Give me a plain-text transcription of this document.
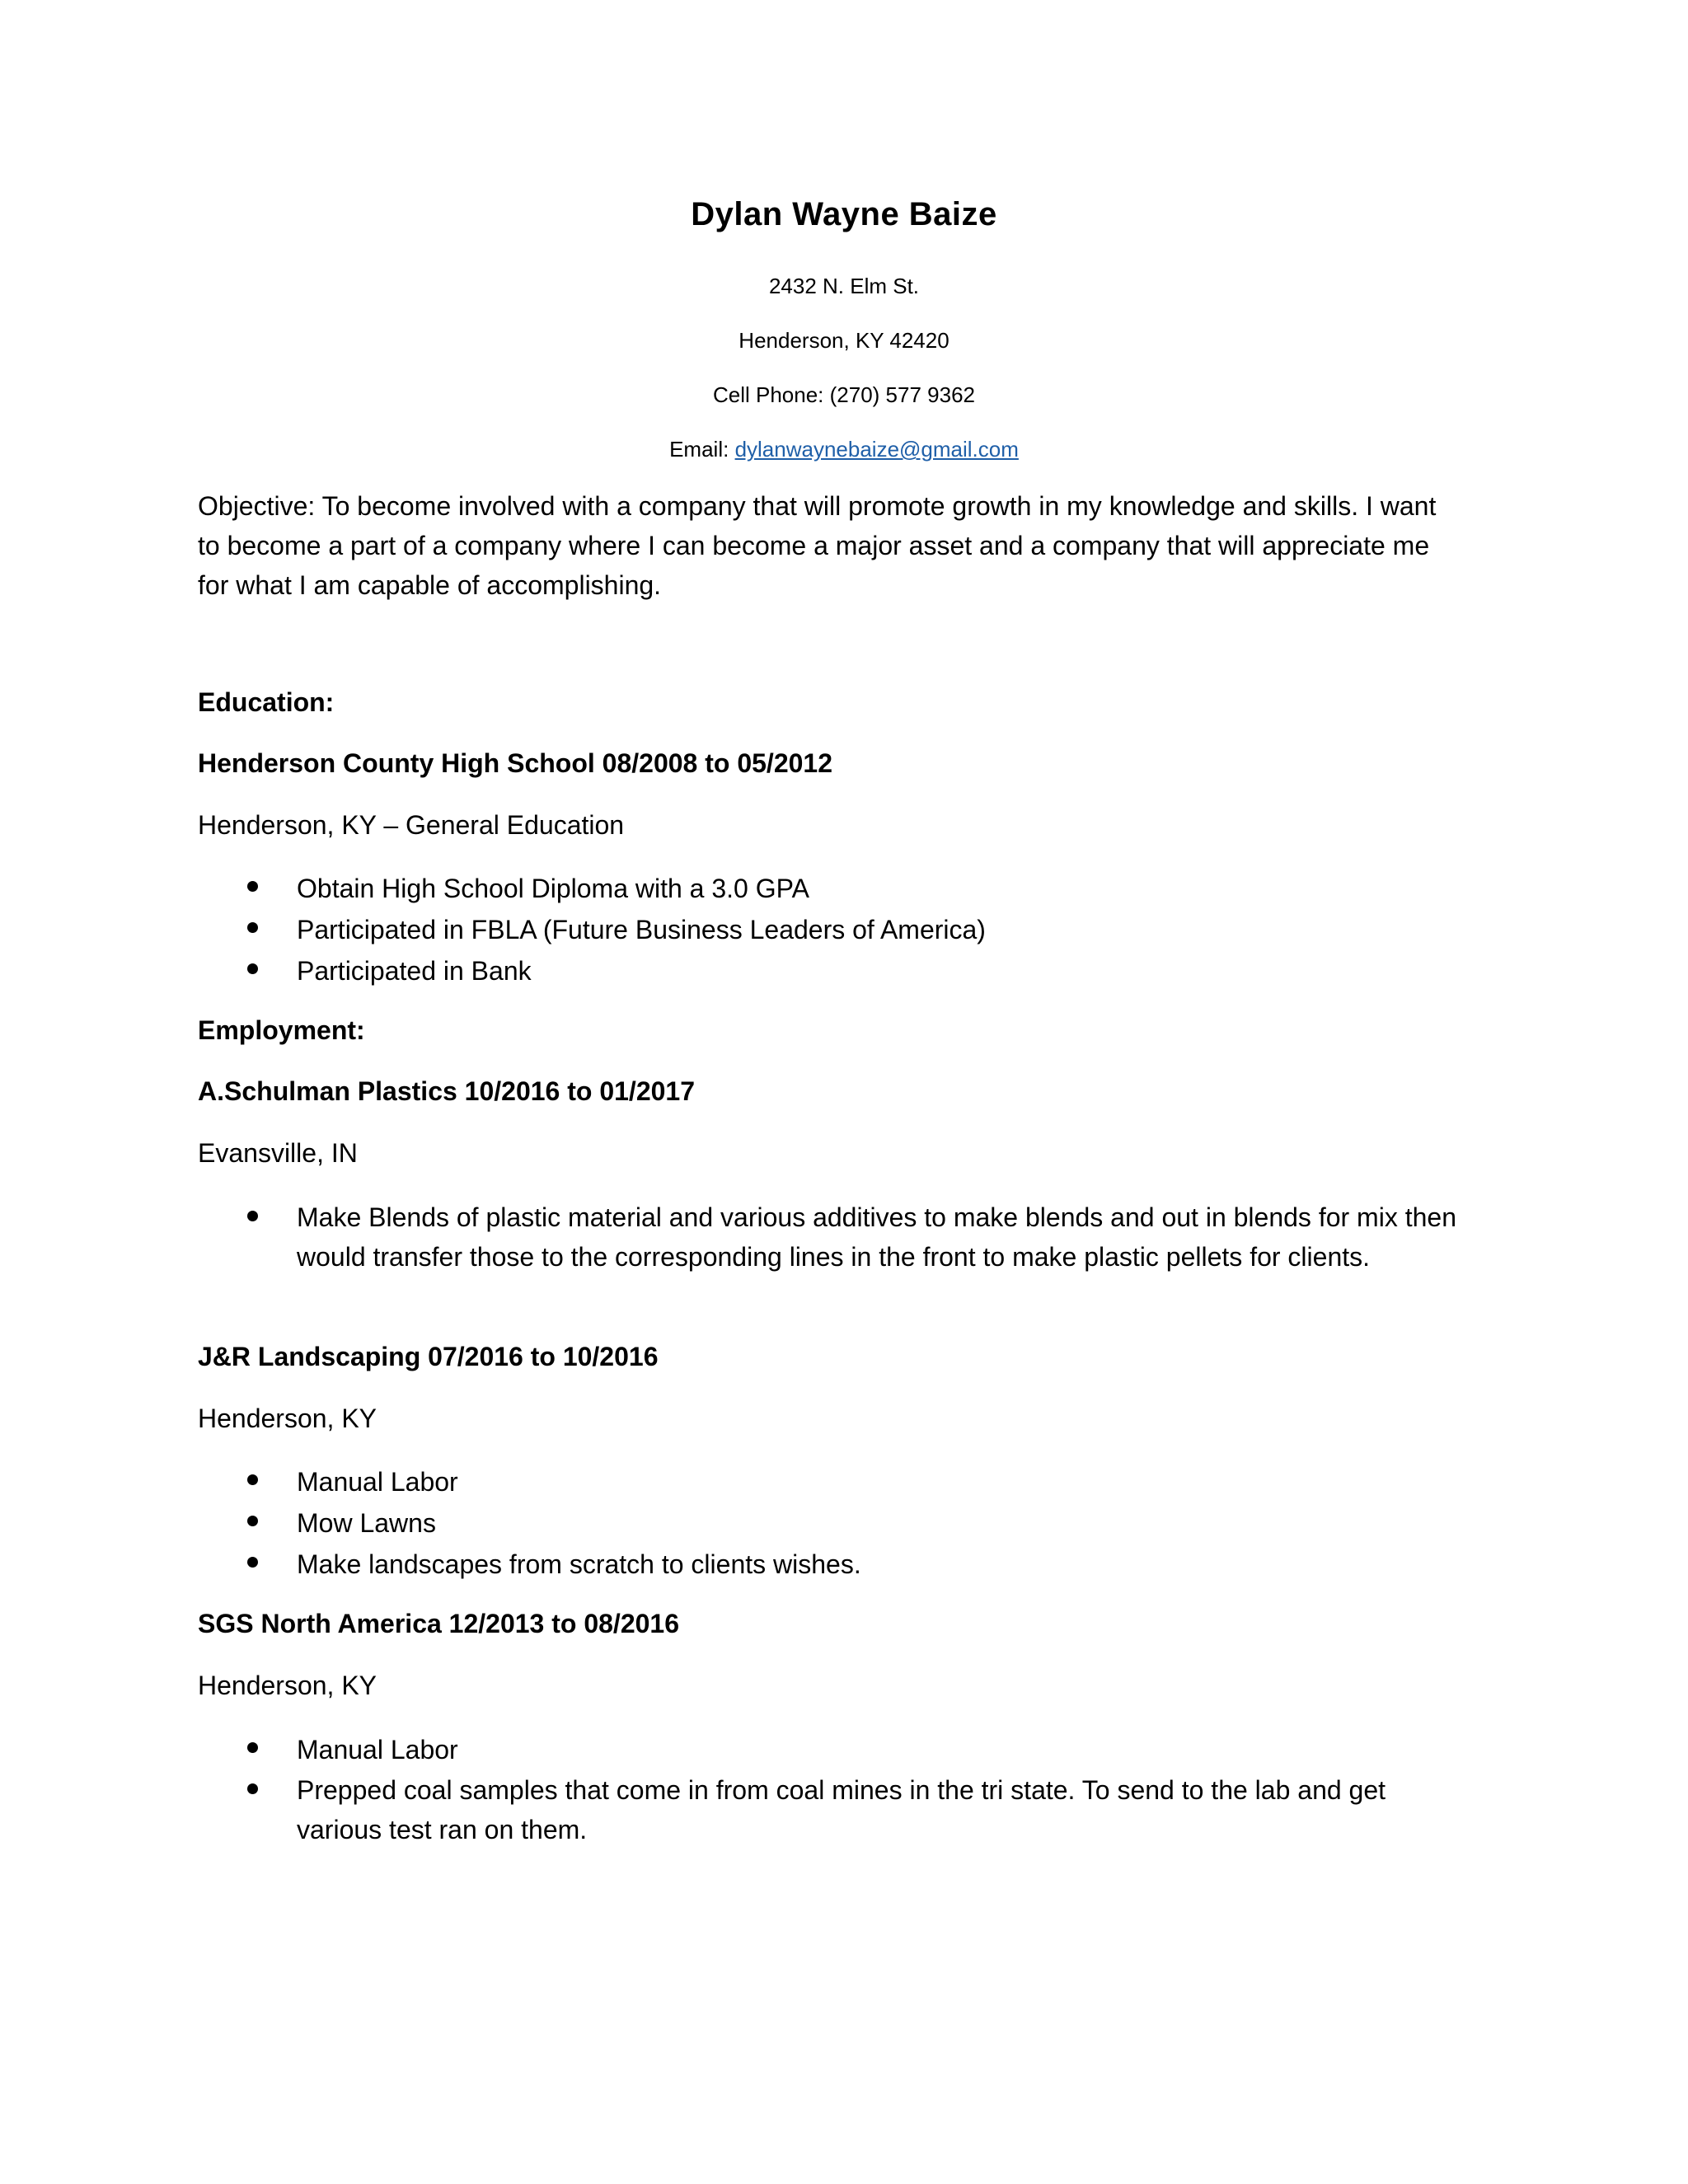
Dylan Wayne Baize
2432 N. Elm St.
Henderson, KY 42420
Cell Phone: (270) 577 9362
Email: dylanwaynebaize@gmail.com
Objective: To become involved with a company that will promote growth in my knowledge and skills. I want to become a part of a company where I can become a major asset and a company that will appreciate me for what I am capable of accomplishing.
Education:
Henderson County High School 08/2008 to 05/2012
Henderson, KY – General Education
Obtain High School Diploma with a 3.0 GPA
Participated in FBLA (Future Business Leaders of America)
Participated in Bank
Employment:
A.Schulman Plastics 10/2016 to 01/2017
Evansville, IN
Make Blends of plastic material and various additives to make blends and out in blends for mix then would transfer those to the corresponding lines in the front to make plastic pellets for clients.
J&R Landscaping 07/2016 to 10/2016
Henderson, KY
Manual Labor
Mow Lawns
Make landscapes from scratch to clients wishes.
SGS North America 12/2013 to 08/2016
Henderson, KY
Manual Labor
Prepped coal samples that come in from coal mines in the tri state. To send to the lab and get various test ran on them.
